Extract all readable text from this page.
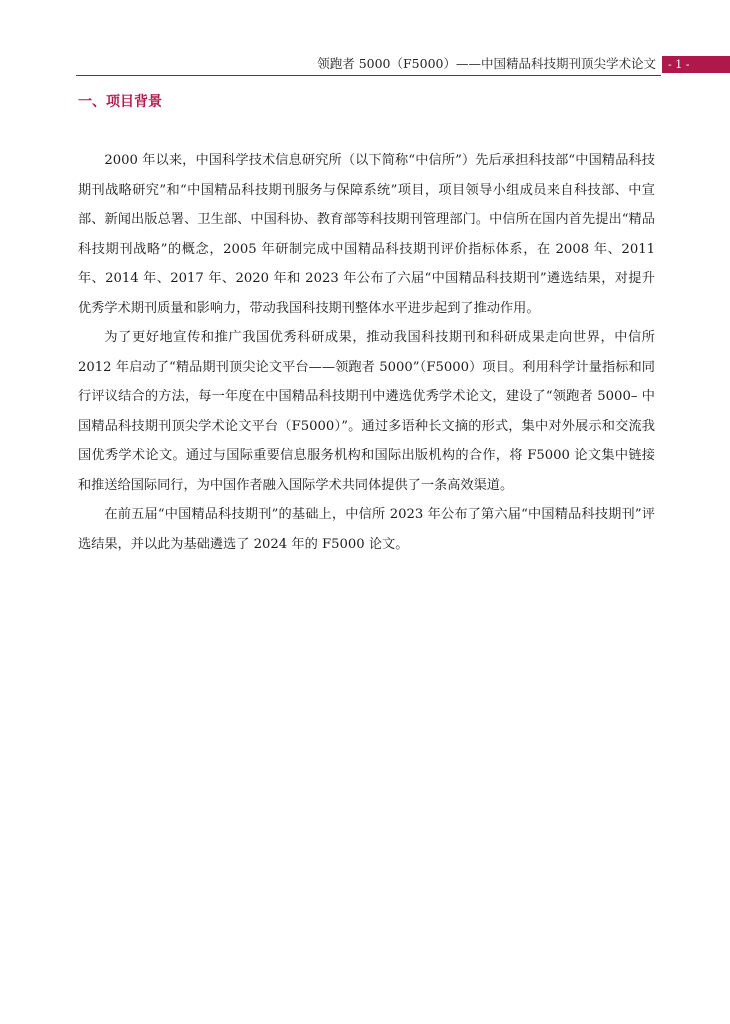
领跑者 5000（F5000）——中国精品科技期刊顶尖学术论文	- 1 -
一、项目背景

2000 年以来，中国科学技术信息研究所（以下简称“中信所”）先后承担科技部“中国精品科技期刊战略研究”和“中国精品科技期刊服务与保障系统”项目，项目领导小组成员来自科技部、中宣部、新闻出版总署、卫生部、中国科协、教育部等科技期刊管理部门。中信所在国内首先提出“精品科技期刊战略”的概念，2005 年研制完成中国精品科技期刊评价指标体系，在 2008 年、2011 年、2014 年、2017 年、2020 年和 2023 年公布了六届“中国精品科技期刊”遴选结果，对提升优秀学术期刊质量和影响力，带动我国科技期刊整体水平进步起到了推动作用。

为了更好地宣传和推广我国优秀科研成果，推动我国科技期刊和科研成果走向世界，中信所 2012 年启动了“精品期刊顶尖论文平台——领跑者 5000”（F5000）项目。利用科学计量指标和同行评议结合的方法，每一年度在中国精品科技期刊中遴选优秀学术论文，建设了“领跑者 5000– 中国精品科技期刊顶尖学术论文平台（F5000）”。通过多语种长文摘的形式，集中对外展示和交流我国优秀学术论文。通过与国际重要信息服务机构和国际出版机构的合作，将 F5000 论文集中链接和推送给国际同行，为中国作者融入国际学术共同体提供了一条高效渠道。

在前五届“中国精品科技期刊”的基础上，中信所 2023 年公布了第六届“中国精品科技期刊”评选结果，并以此为基础遴选了 2024 年的 F5000 论文。
